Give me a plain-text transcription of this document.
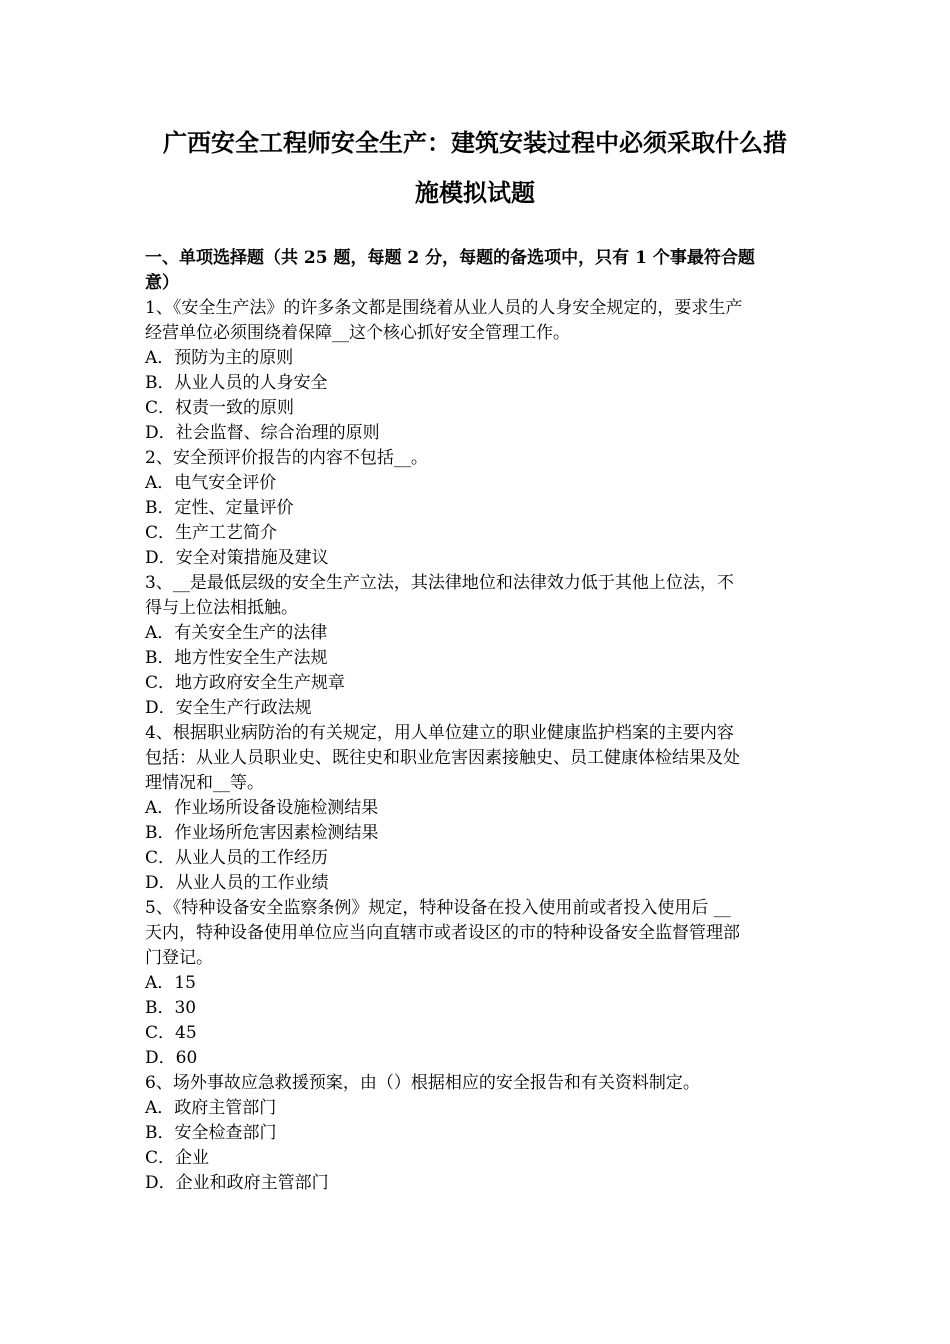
广西安全工程师安全生产：建筑安装过程中必须采取什么措
施模拟试题
一、单项选择题（共 25 题，每题 2 分，每题的备选项中，只有 1 个事最符合题
意）
1、《安全生产法》的许多条文都是围绕着从业人员的人身安全规定的，要求生产
经营单位必须围绕着保障__这个核心抓好安全管理工作。
A．预防为主的原则
B．从业人员的人身安全
C．权责一致的原则
D．社会监督、综合治理的原则
2、安全预评价报告的内容不包括__。
A．电气安全评价
B．定性、定量评价
C．生产工艺简介
D．安全对策措施及建议
3、__是最低层级的安全生产立法，其法律地位和法律效力低于其他上位法，不
得与上位法相抵触。
A．有关安全生产的法律
B．地方性安全生产法规
C．地方政府安全生产规章
D．安全生产行政法规
4、根据职业病防治的有关规定，用人单位建立的职业健康监护档案的主要内容
包括：从业人员职业史、既往史和职业危害因素接触史、员工健康体检结果及处
理情况和__等。
A．作业场所设备设施检测结果
B．作业场所危害因素检测结果
C．从业人员的工作经历
D．从业人员的工作业绩
5、《特种设备安全监察条例》规定，特种设备在投入使用前或者投入使用后 __
天内，特种设备使用单位应当向直辖市或者设区的市的特种设备安全监督管理部
门登记。
A．15
B．30
C．45
D．60
6、场外事故应急救援预案，由（）根据相应的安全报告和有关资料制定。
A．政府主管部门
B．安全检查部门
C．企业
D．企业和政府主管部门
